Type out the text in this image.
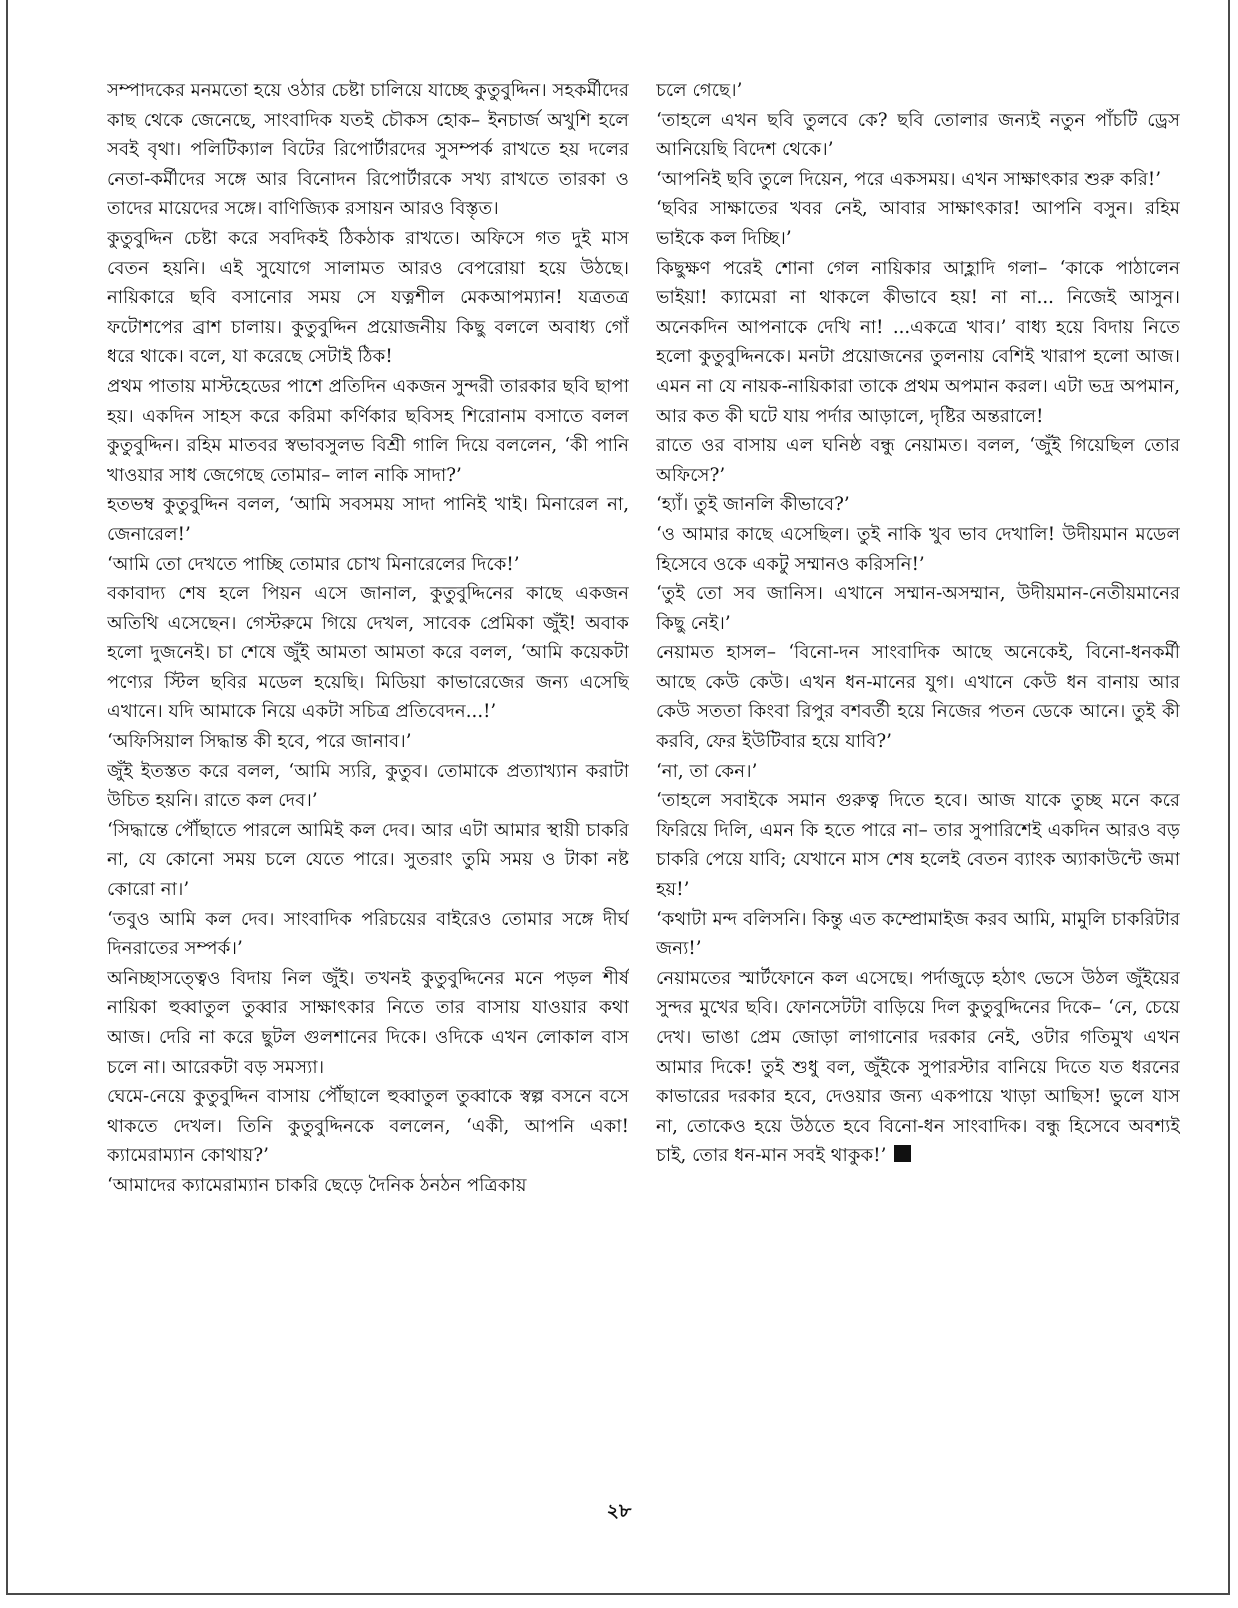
সম্পাদকের মনমতো হয়ে ওঠার চেষ্টা চালিয়ে যাচ্ছে কুতুবুদ্দিন। সহকর্মীদের কাছ থেকে জেনেছে, সাংবাদিক যতই চৌকস হোক– ইনচার্জ অখুশি হলে সবই বৃথা। পলিটিক্যাল বিটের রিপোর্টারদের সুসম্পর্ক রাখতে হয় দলের নেতা-কর্মীদের সঙ্গে আর বিনোদন রিপোর্টারকে সখ্য রাখতে তারকা ও তাদের মায়েদের সঙ্গে। বাণিজ্যিক রসায়ন আরও বিস্তৃত।

কুতুবুদ্দিন চেষ্টা করে সবদিকই ঠিকঠাক রাখতে। অফিসে গত দুই মাস বেতন হয়নি। এই সুযোগে সালামত আরও বেপরোয়া হয়ে উঠছে। নায়িকারে ছবি বসানোর সময় সে যত্নশীল মেকআপম্যান! যত্রতত্র ফটোশপের ব্রাশ চালায়। কুতুবুদ্দিন প্রয়োজনীয় কিছু বললে অবাধ্য গোঁ ধরে থাকে। বলে, যা করেছে সেটাই ঠিক!

প্রথম পাতায় মাস্টহেডের পাশে প্রতিদিন একজন সুন্দরী তারকার ছবি ছাপা হয়। একদিন সাহস করে করিমা কর্ণিকার ছবিসহ শিরোনাম বসাতে বলল কুতুবুদ্দিন। রহিম মাতবর স্বভাবসুলভ বিশ্রী গালি দিয়ে বললেন, ‘কী পানি খাওয়ার সাধ জেগেছে তোমার– লাল নাকি সাদা?’

হতভম্ব কুতুবুদ্দিন বলল, ‘আমি সবসময় সাদা পানিই খাই। মিনারেল না, জেনারেল!’

‘আমি তো দেখতে পাচ্ছি তোমার চোখ মিনারেলের দিকে!’

বকাবাদ্য শেষ হলে পিয়ন এসে জানাল, কুতুবুদ্দিনের কাছে একজন অতিথি এসেছেন। গেস্টরুমে গিয়ে দেখল, সাবেক প্রেমিকা জুঁই! অবাক হলো দুজনেই। চা শেষে জুঁই আমতা আমতা করে বলল, ‘আমি কয়েকটা পণ্যের স্টিল ছবির মডেল হয়েছি। মিডিয়া কাভারেজের জন্য এসেছি এখানে। যদি আমাকে নিয়ে একটা সচিত্র প্রতিবেদন...!’

‘অফিসিয়াল সিদ্ধান্ত কী হবে, পরে জানাব।’

জুঁই ইতস্তত করে বলল, ‘আমি স্যরি, কুতুব। তোমাকে প্রত্যাখ্যান করাটা উচিত হয়নি। রাতে কল দেব।’

‘সিদ্ধান্তে পৌঁছাতে পারলে আমিই কল দেব। আর এটা আমার স্থায়ী চাকরি না, যে কোনো সময় চলে যেতে পারে। সুতরাং তুমি সময় ও টাকা নষ্ট কোরো না।’

‘তবুও আমি কল দেব। সাংবাদিক পরিচয়ের বাইরেও তোমার সঙ্গে দীর্ঘ দিনরাতের সম্পর্ক।’

অনিচ্ছাসত্ত্বেও বিদায় নিল জুঁই। তখনই কুতুবুদ্দিনের মনে পড়ল শীর্ষ নায়িকা হুব্বাতুল তুব্বার সাক্ষাৎকার নিতে তার বাসায় যাওয়ার কথা আজ। দেরি না করে ছুটল গুলশানের দিকে। ওদিকে এখন লোকাল বাস চলে না। আরেকটা বড় সমস্যা।

ঘেমে-নেয়ে কুতুবুদ্দিন বাসায় পৌঁছালে হুব্বাতুল তুব্বাকে স্বল্প বসনে বসে থাকতে দেখল। তিনি কুতুবুদ্দিনকে বললেন, ‘একী, আপনি একা! ক্যামেরাম্যান কোথায়?’

‘আমাদের ক্যামেরাম্যান চাকরি ছেড়ে দৈনিক ঠনঠন পত্রিকায়

চলে গেছে।’

‘তাহলে এখন ছবি তুলবে কে? ছবি তোলার জন্যই নতুন পাঁচটি ড্রেস আনিয়েছি বিদেশ থেকে।’

‘আপনিই ছবি তুলে দিয়েন, পরে একসময়। এখন সাক্ষাৎকার শুরু করি!’

‘ছবির সাক্ষাতের খবর নেই, আবার সাক্ষাৎকার! আপনি বসুন। রহিম ভাইকে কল দিচ্ছি।’

কিছুক্ষণ পরেই শোনা গেল নায়িকার আহ্লাদি গলা– ‘কাকে পাঠালেন ভাইয়া! ক্যামেরা না থাকলে কীভাবে হয়! না না... নিজেই আসুন। অনেকদিন আপনাকে দেখি না! ...একত্রে খাব।’ বাধ্য হয়ে বিদায় নিতে হলো কুতুবুদ্দিনকে। মনটা প্রয়োজনের তুলনায় বেশিই খারাপ হলো আজ। এমন না যে নায়ক-নায়িকারা তাকে প্রথম অপমান করল। এটা ভদ্র অপমান, আর কত কী ঘটে যায় পর্দার আড়ালে, দৃষ্টির অন্তরালে!

রাতে ওর বাসায় এল ঘনিষ্ঠ বন্ধু নেয়ামত। বলল, ‘জুঁই গিয়েছিল তোর অফিসে?’

‘হ্যাঁ। তুই জানলি কীভাবে?’

‘ও আমার কাছে এসেছিল। তুই নাকি খুব ভাব দেখালি! উদীয়মান মডেল হিসেবে ওকে একটু সম্মানও করিসনি!’

‘তুই তো সব জানিস। এখানে সম্মান-অসম্মান, উদীয়মান-নেতীয়মানের কিছু নেই।’

নেয়ামত হাসল– ‘বিনো-দন সাংবাদিক আছে অনেকেই, বিনো-ধনকর্মী আছে কেউ কেউ। এখন ধন-মানের যুগ। এখানে কেউ ধন বানায় আর কেউ সততা কিংবা রিপুর বশবর্তী হয়ে নিজের পতন ডেকে আনে। তুই কী করবি, ফের ইউটিবার হয়ে যাবি?’

‘না, তা কেন।’

‘তাহলে সবাইকে সমান গুরুত্ব দিতে হবে। আজ যাকে তুচ্ছ মনে করে ফিরিয়ে দিলি, এমন কি হতে পারে না– তার সুপারিশেই একদিন আরও বড় চাকরি পেয়ে যাবি; যেখানে মাস শেষ হলেই বেতন ব্যাংক অ্যাকাউন্টে জমা হয়!’

‘কথাটা মন্দ বলিসনি। কিন্তু এত কম্প্রোমাইজ করব আমি, মামুলি চাকরিটার জন্য!’

নেয়ামতের স্মার্টফোনে কল এসেছে। পর্দাজুড়ে হঠাৎ ভেসে উঠল জুঁইয়ের সুন্দর মুখের ছবি। ফোনসেটটা বাড়িয়ে দিল কুতুবুদ্দিনের দিকে– ‘নে, চেয়ে দেখ। ভাঙা প্রেম জোড়া লাগানোর দরকার নেই, ওটার গতিমুখ এখন আমার দিকে! তুই শুধু বল, জুঁইকে সুপারস্টার বানিয়ে দিতে যত ধরনের কাভারের দরকার হবে, দেওয়ার জন্য একপায়ে খাড়া আছিস! ভুলে যাস না, তোকেও হয়ে উঠতে হবে বিনো-ধন সাংবাদিক। বন্ধু হিসেবে অবশ্যই চাই, তোর ধন-মান সবই থাকুক!’

২৮
